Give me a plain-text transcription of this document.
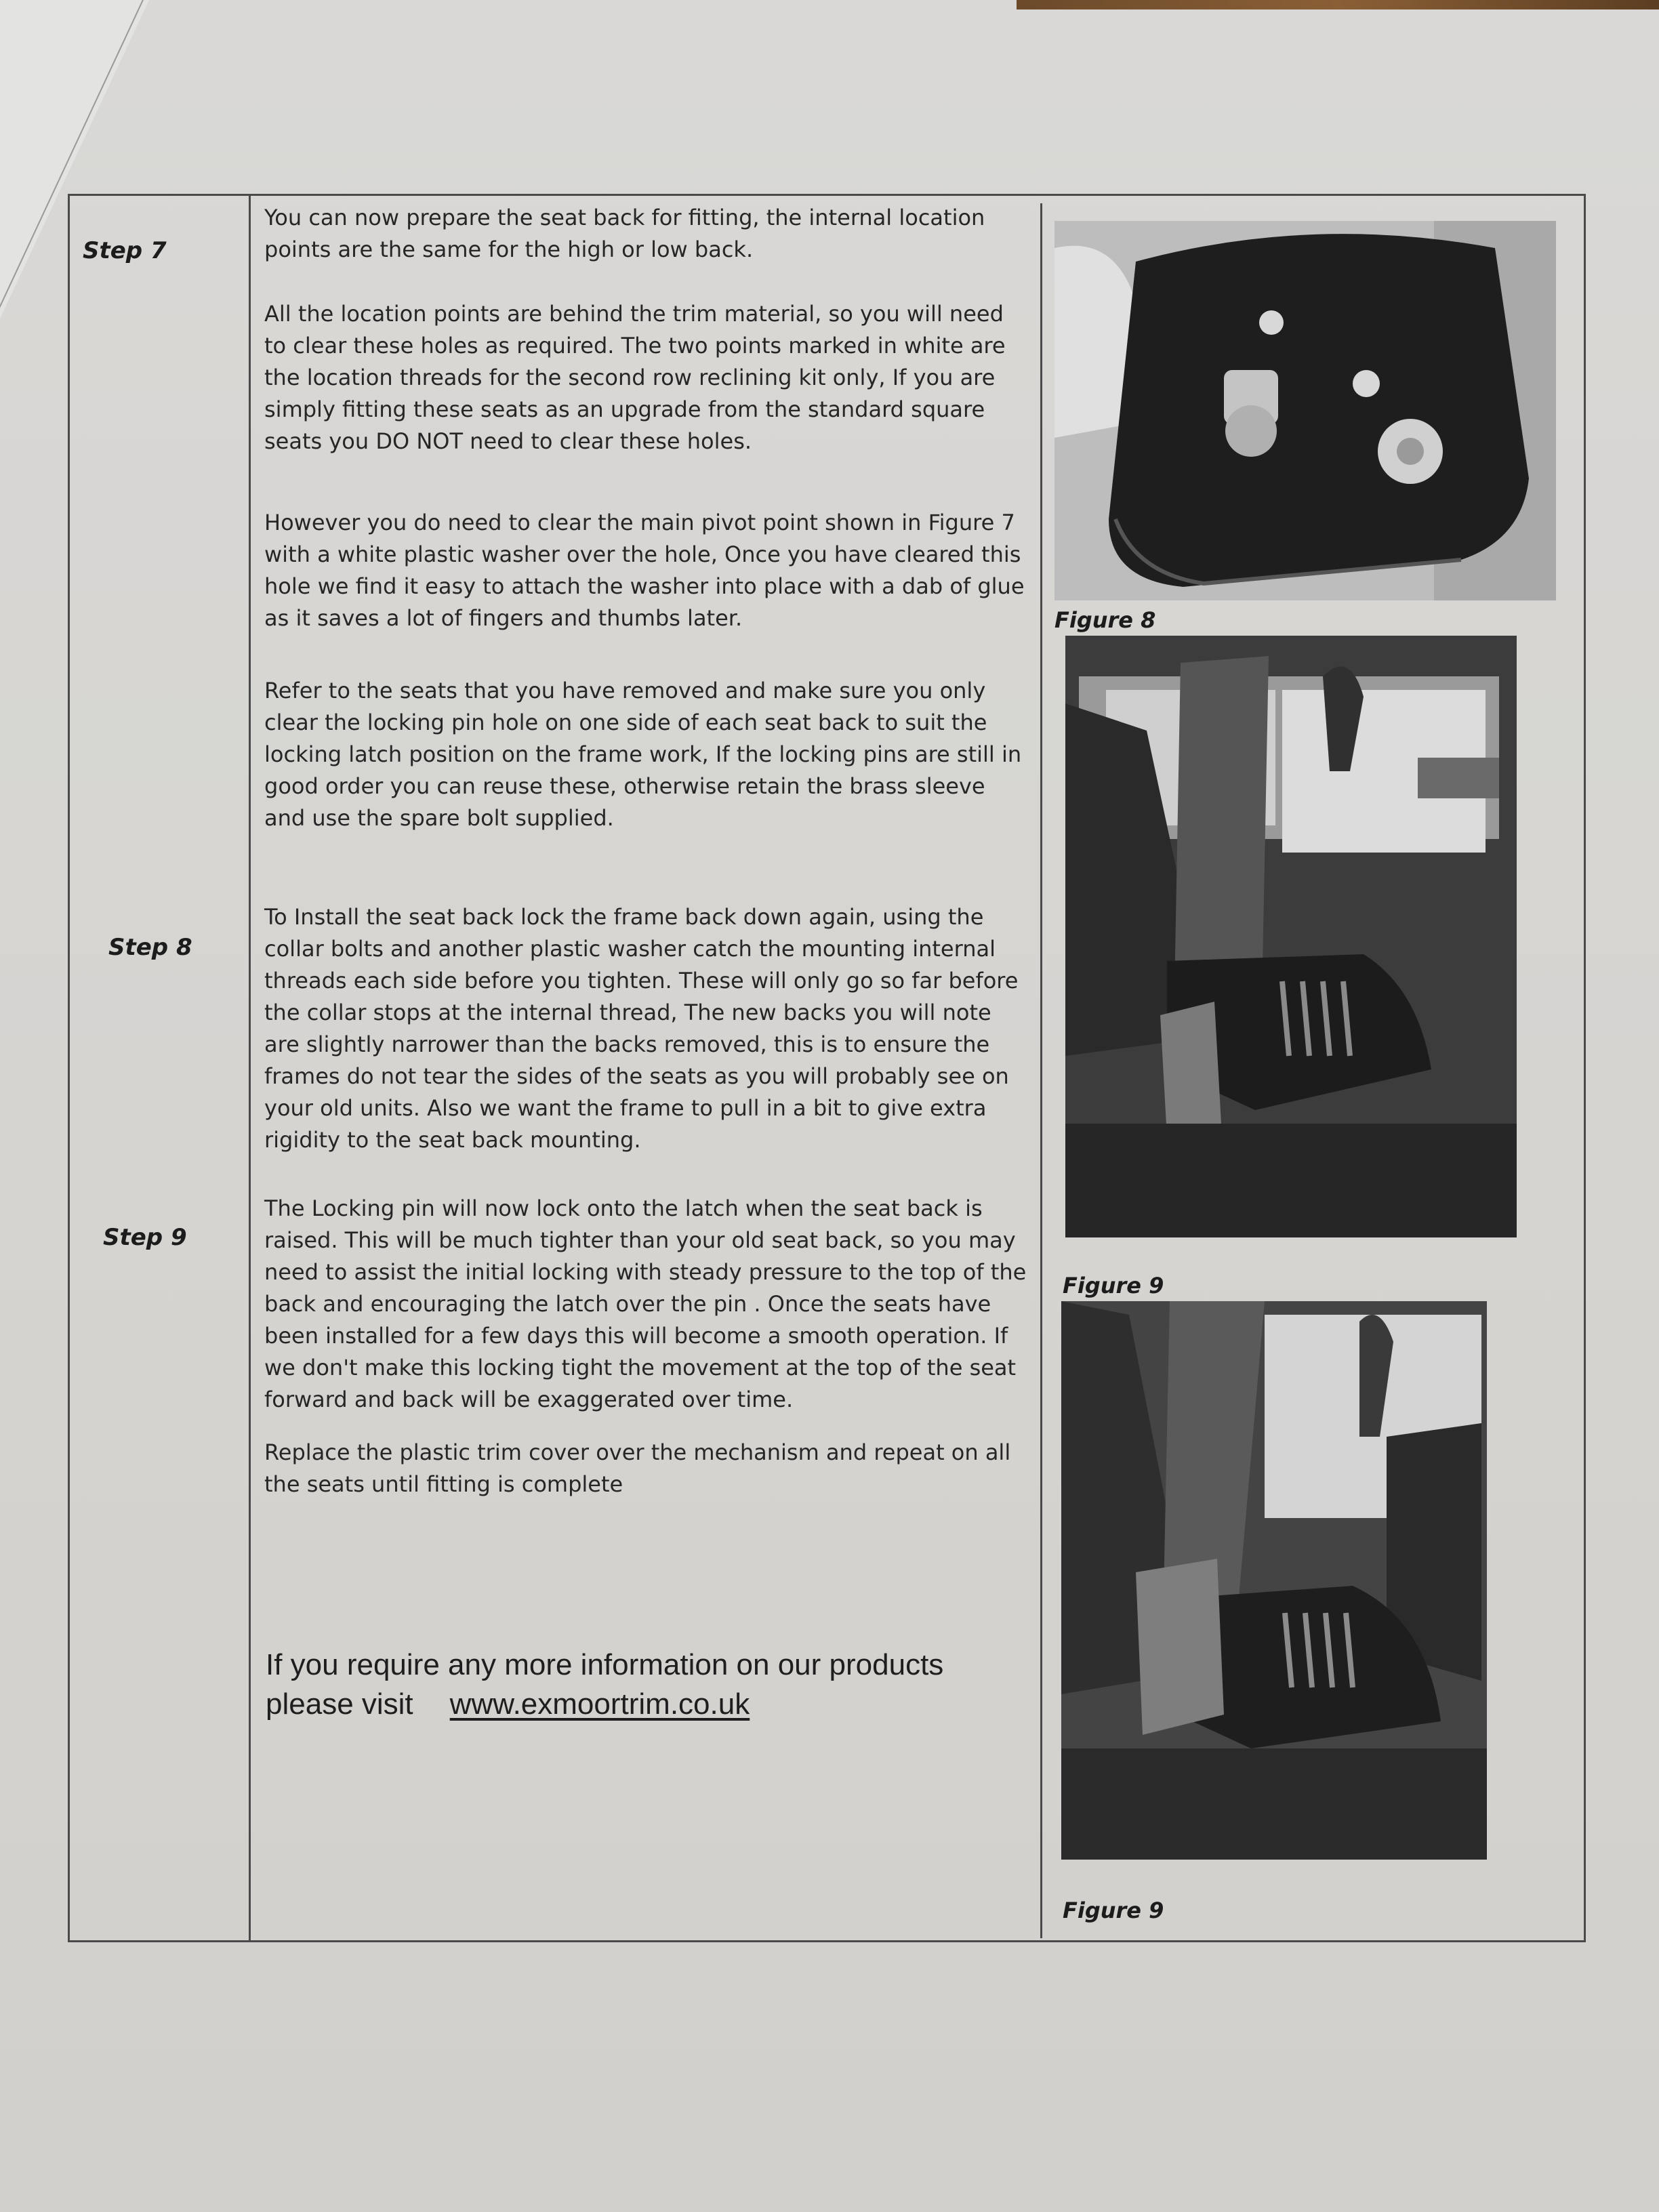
Step 7
Step 8
Step 9

You can now prepare the seat back for fitting, the internal location points are the same for the high or low back.

All the location points are behind the trim material, so you will need to clear these holes as required. The two points marked in white are the location threads for the second row reclining kit only, If you are simply fitting these seats as an upgrade from the standard square seats you DO NOT need to clear these holes.

However you do need to clear the main pivot point shown in Figure 7 with a white plastic washer over the hole, Once you have cleared this hole we find it easy to attach the washer into place with a dab of glue as it saves a lot of fingers and thumbs later.

Refer to the seats that you have removed and make sure you only clear the locking pin hole on one side of each seat back to suit the locking latch position on the frame work, If the locking pins are still in good order you can reuse these, otherwise retain the brass sleeve and use the spare bolt supplied.

To Install the seat back lock the frame back down again, using the collar bolts and another plastic washer catch the mounting internal threads each side before you tighten. These will only go so far before the collar stops at the internal thread, The new backs you will note are slightly narrower than the backs removed, this is to ensure the frames do not tear the sides of the seats as you will probably see on your old units. Also we want the frame to pull in a bit to give extra rigidity to the seat back mounting.

The Locking pin will now lock onto the latch when the seat back is raised. This will be much tighter than your old seat back, so you may need to assist the initial locking with steady pressure to the top of the back and encouraging the latch over the pin . Once the seats have been installed for a few days this will become a smooth operation. If we don't make this locking tight the movement at the top of the seat forward and back will be exaggerated over time.

Replace the plastic trim cover over the mechanism and repeat on all the seats until fitting is complete

If you require any more information on our products
please visit www.exmoortrim.co.uk
Figure 8
Figure 9
Figure 9
